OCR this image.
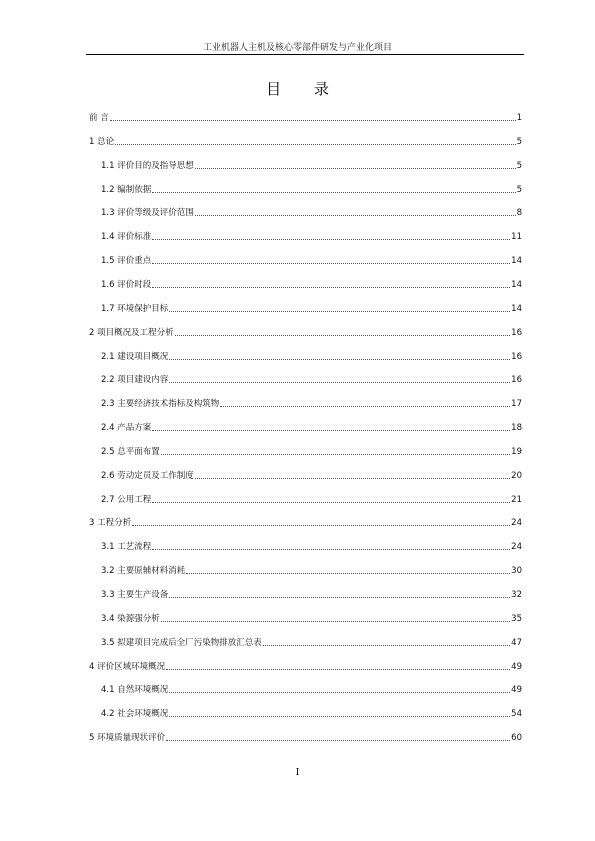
工业机器人主机及核心零部件研发与产业化项目
目 录
前 言	1
1 总论	5
1.1 评价目的及指导思想	5
1.2 编制依据	5
1.3 评价等级及评价范围	8
1.4 评价标准	11
1.5 评价重点	14
1.6 评价时段	14
1.7 环境保护目标	14
2 项目概况及工程分析	16
2.1 建设项目概况	16
2.2 项目建设内容	16
2.3 主要经济技术指标及构筑物	17
2.4 产品方案	18
2.5 总平面布置	19
2.6 劳动定员及工作制度	20
2.7 公用工程	21
3 工程分析	24
3.1 工艺流程	24
3.2 主要原辅材料消耗	30
3.3 主要生产设备	32
3.4 染源强分析	35
3.5 拟建项目完成后全厂污染物排放汇总表	47
4 评价区域环境概况	49
4.1 自然环境概况	49
4.2 社会环境概况	54
5 环境质量现状评价	60
I
